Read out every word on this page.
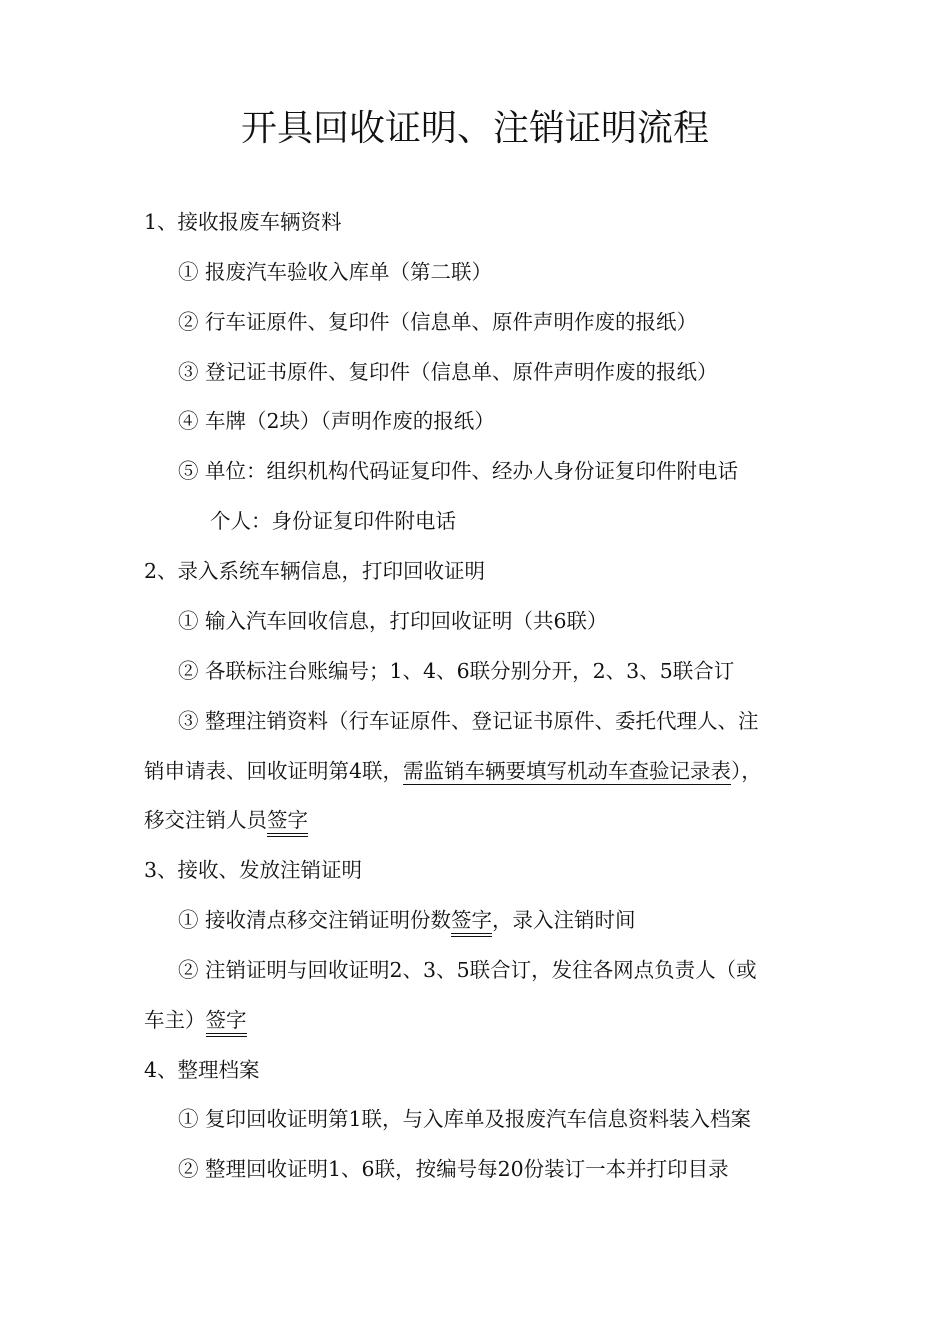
开具回收证明、注销证明流程
1、接收报废车辆资料
① 报废汽车验收入库单（第二联）
② 行车证原件、复印件（信息单、原件声明作废的报纸）
③ 登记证书原件、复印件（信息单、原件声明作废的报纸）
④ 车牌（2块）（声明作废的报纸）
⑤ 单位：组织机构代码证复印件、经办人身份证复印件附电话
个人：身份证复印件附电话
2、录入系统车辆信息，打印回收证明
① 输入汽车回收信息，打印回收证明（共6联）
② 各联标注台账编号；1、4、6联分别分开，2、3、5联合订
③ 整理注销资料（行车证原件、登记证书原件、委托代理人、注
销申请表、回收证明第4联，需监销车辆要填写机动车查验记录表），
移交注销人员签字
3、接收、发放注销证明
① 接收清点移交注销证明份数签字，录入注销时间
② 注销证明与回收证明2、3、5联合订，发往各网点负责人（或
车主）签字
4、整理档案
① 复印回收证明第1联，与入库单及报废汽车信息资料装入档案
② 整理回收证明1、6联，按编号每20份装订一本并打印目录
